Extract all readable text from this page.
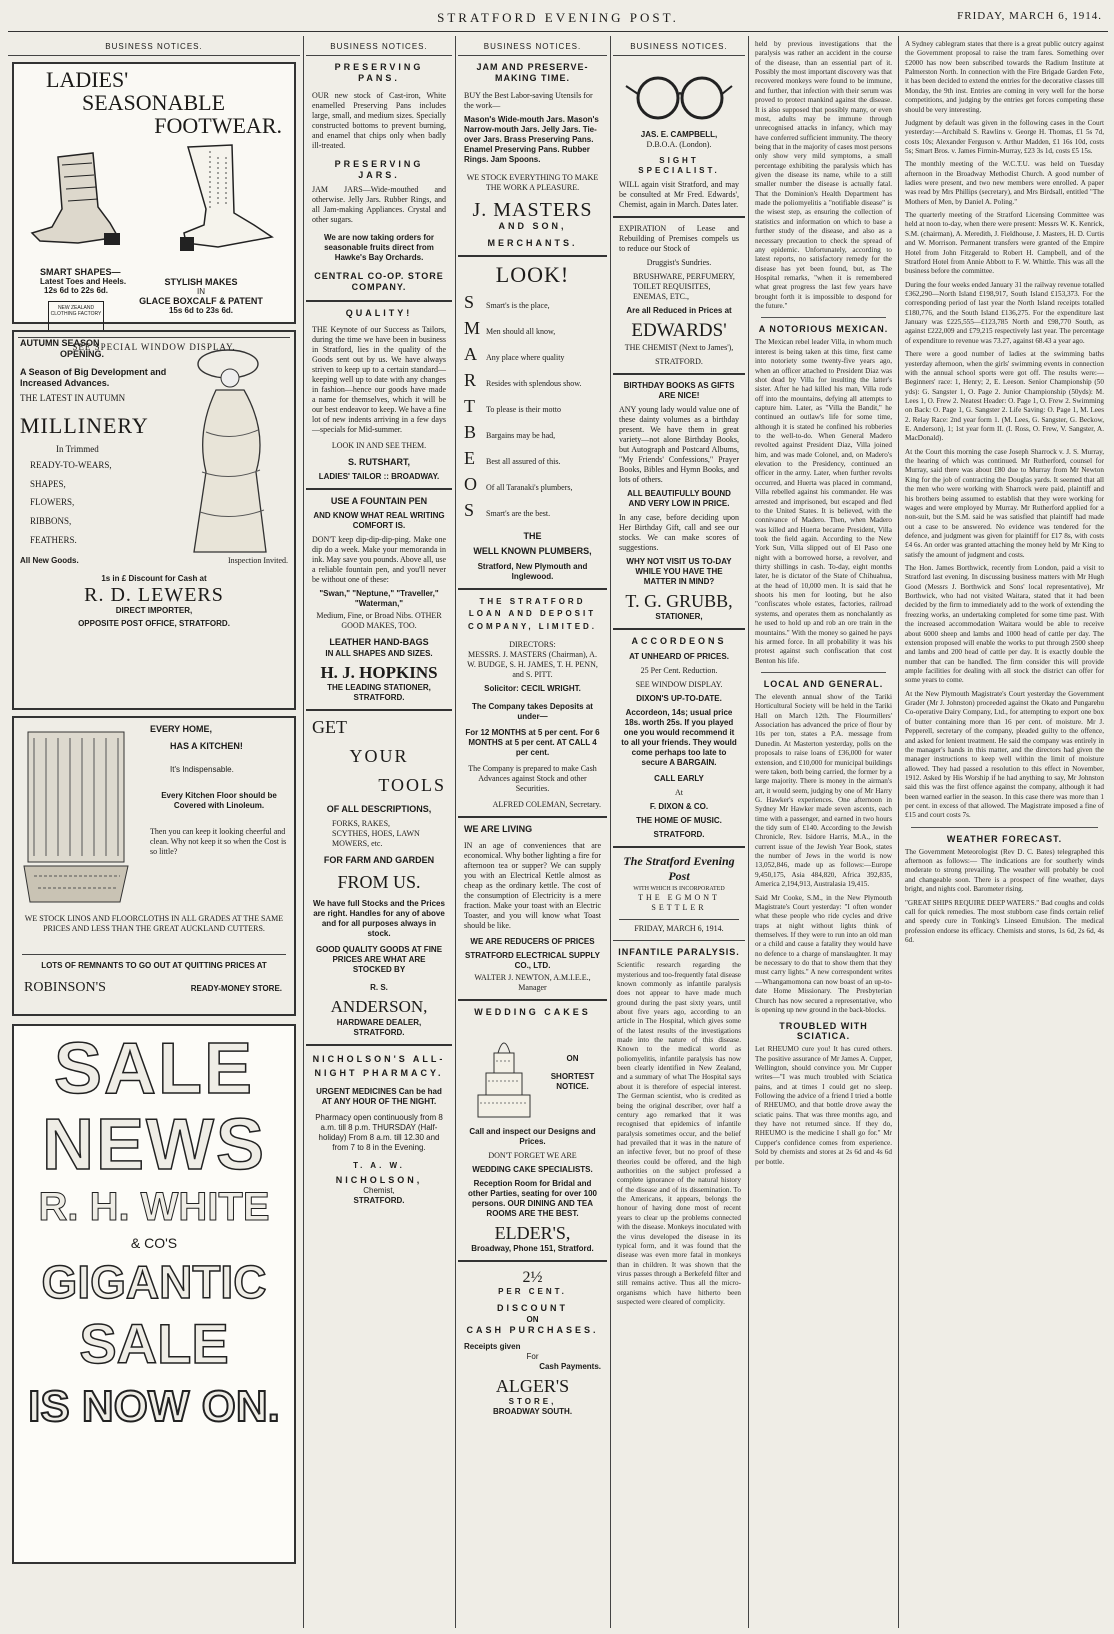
STRATFORD EVENING POST.	FRIDAY, MARCH 6, 1914.
BUSINESS NOTICES.
LADIES'
SEASONABLE
FOOTWEAR.
SMART SHAPES—
Latest Toes and Heels.
12s 6d to 22s 6d.
NEW ZEALAND CLOTHING FACTORY
STYLISH MAKES
IN
GLACE BOXCALF & PATENT
15s 6d to 23s 6d.
SEE SPECIAL WINDOW DISPLAY.
AUTUMN SEASON
OPENING.
A Season of Big Development and Increased Advances.
THE LATEST IN AUTUMN
MILLINERY
In Trimmed
READY-TO-WEARS,
SHAPES,
FLOWERS,
RIBBONS,
FEATHERS.
All New Goods.	Inspection Invited.
1s in £ Discount for Cash at
R. D. LEWERS
DIRECT IMPORTER,
OPPOSITE POST OFFICE, STRATFORD.
EVERY HOME,
HAS A KITCHEN!
It's Indispensable.
Every Kitchen Floor should be Covered with Linoleum.
Then you can keep it looking cheerful and clean. Why not keep it so when the Cost is so little?
WE STOCK LINOS AND FLOORCLOTHS IN ALL GRADES AT THE SAME PRICES AND LESS THAN THE GREAT AUCKLAND CUTTERS.
LOTS OF REMNANTS TO GO OUT AT QUITTING PRICES AT
ROBINSON'S	READY-MONEY STORE.
SALE
NEWS
R. H. WHITE
& CO'S
GIGANTIC
SALE
IS NOW ON.
BUSINESS NOTICES.
PRESERVING PANS.
OUR new stock of Cast-iron, White enamelled Preserving Pans includes large, small, and medium sizes. Specially constructed bottoms to prevent burning, and enamel that chips only when badly ill-treated.
PRESERVING JARS.
JAM JARS—Wide-mouthed and otherwise. Jelly Jars. Rubber Rings, and all Jam-making Appliances. Crystal and other sugars.
We are now taking orders for seasonable fruits direct from Hawke's Bay Orchards.
CENTRAL CO-OP. STORE COMPANY.
QUALITY!
THE Keynote of our Success as Tailors, during the time we have been in business in Stratford, lies in the quality of the Goods sent out by us. We have always striven to keep up to a certain standard—keeping well up to date with any changes in fashion—hence our goods have made a name for themselves, which it will be our best endeavor to keep. We have a fine lot of new indents arriving in a few days—specials for Mid-summer.
LOOK IN AND SEE THEM.
S. RUTSHART,
LADIES' TAILOR :: BROADWAY.
USE A FOUNTAIN PEN
AND KNOW WHAT REAL WRITING COMFORT IS.
DON'T keep dip-dip-dip-ping. Make one dip do a week. Make your memoranda in ink. May save you pounds. Above all, use a reliable fountain pen, and you'll never be without one of these:
"Swan," "Neptune," "Traveller," "Waterman,"
Medium, Fine, or Broad Nibs. OTHER GOOD MAKES, TOO.
LEATHER HAND-BAGS
IN ALL SHAPES AND SIZES.
H. J. HOPKINS
THE LEADING STATIONER,
STRATFORD.
GET
YOUR
TOOLS
OF ALL DESCRIPTIONS,
FORKS, RAKES, SCYTHES, HOES, LAWN MOWERS, etc.
FOR FARM AND GARDEN
FROM US.
We have full Stocks and the Prices are right. Handles for any of above and for all purposes always in stock.
GOOD QUALITY GOODS AT FINE PRICES ARE WHAT ARE STOCKED BY
R. S.
ANDERSON,
HARDWARE DEALER,
STRATFORD.
NICHOLSON'S ALL-NIGHT PHARMACY.
URGENT MEDICINES Can be had AT ANY HOUR OF THE NIGHT.
Pharmacy open continuously from 8 a.m. till 8 p.m. THURSDAY (Half-holiday) From 8 a.m. till 12.30 and from 7 to 8 in the Evening.
T. A. W.
NICHOLSON,
Chemist,
STRATFORD.
BUSINESS NOTICES.
JAM AND PRESERVE-MAKING TIME.
BUY the Best Labor-saving Utensils for the work—
Mason's Wide-mouth Jars. Mason's Narrow-mouth Jars. Jelly Jars. Tie-over Jars. Brass Preserving Pans. Enamel Preserving Pans. Rubber Rings. Jam Spoons.
WE STOCK EVERYTHING TO MAKE THE WORK A PLEASURE.
J. MASTERS
AND SON,
MERCHANTS.
LOOK!
S Smart's is the place,
M Men should all know,
A Any place where quality
R Resides with splendous show.
T To please is their motto
B Bargains may be had,
E Best all assured of this.
O Of all Taranaki's plumbers,
S Smart's are the best.
THE
WELL KNOWN PLUMBERS,
Stratford, New Plymouth and Inglewood.
THE STRATFORD LOAN AND DEPOSIT COMPANY, LIMITED.
DIRECTORS:
MESSRS. J. MASTERS (Chairman), A. W. BUDGE, S. H. JAMES, T. H. PENN, and S. PITT.
Solicitor: CECIL WRIGHT.
The Company takes Deposits at under—
For 12 MONTHS at 5 per cent. For 6 MONTHS at 5 per cent. AT CALL 4 per cent.
The Company is prepared to make Cash Advances against Stock and other Securities.
ALFRED COLEMAN, Secretary.
WE ARE LIVING
IN an age of conveniences that are economical. Why bother lighting a fire for afternoon tea or supper? We can supply you with an Electrical Kettle almost as cheap as the ordinary kettle. The cost of the consumption of Electricity is a mere fraction. Make your toast with an Electric Toaster, and you will know what Toast should be like.
WE ARE REDUCERS OF PRICES
STRATFORD ELECTRICAL SUPPLY CO., LTD.
WALTER J. NEWTON, A.M.I.E.E., Manager
WEDDING CAKES
ON
SHORTEST NOTICE.
Call and inspect our Designs and Prices.
DON'T FORGET WE ARE
WEDDING CAKE SPECIALISTS.
Reception Room for Bridal and other Parties, seating for over 100 persons. OUR DINING AND TEA ROOMS ARE THE BEST.
ELDER'S,
Broadway, Phone 151, Stratford.
2½
PER CENT.
DISCOUNT
ON
CASH PURCHASES.
Receipts given
For
Cash Payments.
ALGER'S
STORE,
BROADWAY SOUTH.
BUSINESS NOTICES.
JAS. E. CAMPBELL,
D.B.O.A. (London).
SIGHT SPECIALIST.
WILL again visit Stratford, and may be consulted at Mr Fred. Edwards', Chemist, again in March. Dates later.
EXPIRATION of Lease and Rebuilding of Premises compels us to reduce our Stock of
Druggist's Sundries.
BRUSHWARE, PERFUMERY, TOILET REQUISITES, ENEMAS, ETC.,
Are all Reduced in Prices at
EDWARDS'
THE CHEMIST (Next to James'),
STRATFORD.
BIRTHDAY BOOKS AS GIFTS ARE NICE!
ANY young lady would value one of these dainty volumes as a birthday present. We have them in great variety—not alone Birthday Books, but Autograph and Postcard Albums, "My Friends' Confessions," Prayer Books, Bibles and Hymn Books, and lots of others.
ALL BEAUTIFULLY BOUND AND VERY LOW IN PRICE.
In any case, before deciding upon Her Birthday Gift, call and see our stocks. We can make scores of suggestions.
WHY NOT VISIT US TO-DAY WHILE YOU HAVE THE MATTER IN MIND?
T. G. GRUBB,
STATIONER,
ACCORDEONS
AT UNHEARD OF PRICES.
25 Per Cent. Reduction.
SEE WINDOW DISPLAY.
DIXON'S UP-TO-DATE.
Accordeon, 14s; usual price 18s. worth 25s. If you played one you would recommend it to all your friends. They would come perhaps too late to secure A BARGAIN.
CALL EARLY
At
F. DIXON & CO.
THE HOME OF MUSIC.
STRATFORD.
The Stratford Evening Post
WITH WHICH IS INCORPORATED
THE EGMONT SETTLER
FRIDAY, MARCH 6, 1914.
INFANTILE PARALYSIS.

Scientific research regarding the mysterious and too-frequently fatal disease known commonly as infantile paralysis does not appear to have made much ground during the past sixty years, until about five years ago, according to an article in The Hospital, which gives some of the latest results of the investigations made into the nature of this disease. Known to the medical world as poliomyelitis, infantile paralysis has now been clearly identified in New Zealand, and a summary of what The Hospital says about it is therefore of especial interest. The German scientist, who is credited as being the original describer, over half a century ago remarked that it was recognised that epidemics of infantile paralysis sometimes occur, and the belief had prevailed that it was in the nature of an infective fever, but no proof of these theories could be offered, and the high authorities on the subject professed a complete ignorance of the natural history of the disease and of its dissemination. To the Americans, it appears, belongs the honour of having done most of recent years to clear up the problems connected with the disease. Monkeys inoculated with the virus developed the disease in its typical form, and it was found that the disease was even more fatal in monkeys than in children. It was shown that the virus passes through a Berkefeld filter and still remains active. Thus all the micro-organisms which have hitherto been suspected were cleared of complicity.

held by previous investigations that the paralysis was rather an accident in the course of the disease, than an essential part of it. Possibly the most important discovery was that recovered monkeys were found to be immune, and further, that infection with their serum was proved to protect mankind against the disease. It is also supposed that possibly many, or even most, adults may be immune through unrecognised attacks in infancy, which may have conferred sufficient immunity. The theory being that in the majority of cases most persons only show very mild symptoms, a small percentage exhibiting the paralysis which has given the disease its name, while to a still smaller number the disease is actually fatal. That the Dominion's Health Department has made the poliomyelitis a "notifiable disease" is the wisest step, as ensuring the collection of statistics and information on which to base a further study of the disease, and also as a necessary precaution to check the spread of any epidemic. Unfortunately, according to latest reports, no satisfactory remedy for the disease has yet been found, but, as The Hospital remarks, "when it is remembered what great progress the last few years have brought forth it is impossible to despond for the future."

A NOTORIOUS MEXICAN.

The Mexican rebel leader Villa, in whom much interest is being taken at this time, first came into notoriety some twenty-five years ago, when an officer attached to President Diaz was shot dead by Villa for insulting the latter's sister. After he had killed his man, Villa rode off into the mountains, defying all attempts to capture him. Later, as "Villa the Bandit," he continued an outlaw's life for some time, although it is stated he confined his robberies to the well-to-do. When General Madero revolted against President Diaz, Villa joined him, and was made Colonel, and, on Madero's elevation to the Presidency, continued an officer in the army. Later, when further revolts occurred, and Huerta was placed in command, Villa rebelled against his commander. He was arrested and imprisoned, but escaped and fled to the United States. It is believed, with the connivance of Madero. Then, when Madero was killed and Huerta became President, Villa took the field again. According to the New York Sun, Villa slipped out of El Paso one night with a borrowed horse, a revolver, and thirty shillings in cash. To-day, eight months later, he is dictator of the State of Chihuahua, at the head of 10,000 men. It is said that he shoots his men for looting, but he also "confiscates whole estates, factories, railroad systems, and operates them as nonchalantly as he used to hold up and rob an ore train in the mountains." With the money so gained he pays his armed force. In all probability it was his protest against such confiscation that cost Benton his life.

LOCAL AND GENERAL.

The eleventh annual show of the Tariki Horticultural Society will be held in the Tariki Hall on March 12th. The Flourmillers' Association has advanced the price of flour by 10s per ton, states a P.A. message from Dunedin. At Masterton yesterday, polls on the proposals to raise loans of £36,000 for water extension, and £10,000 for municipal buildings were taken, both being carried, the former by a large majority. There is money in the airman's art, it would seem, judging by one of Mr Harry G. Hawker's experiences. One afternoon in Sydney Mr Hawker made seven ascents, each time with a passenger, and earned in two hours the tidy sum of £140. According to the Jewish Chronicle, Rev. Isidore Harris, M.A., in the current issue of the Jewish Year Book, states the number of Jews in the world is now 13,052,846, made up as follows:—Europe 9,450,175, Asia 484,820, Africa 392,835, America 2,194,913, Australasia 19,415.

Said Mr Cooke, S.M., in the New Plymouth Magistrate's Court yesterday: "I often wonder what these people who ride cycles and drive traps at night without lights think of themselves. If they were to run into an old man or a child and cause a fatality they would have no defence to a charge of manslaughter. It may be necessary to do that to show them that they must carry lights." A new correspondent writes—Whangamomona can now boast of an up-to-date Home Missionary. The Presbyterian Church has now secured a representative, who is opening up new ground in the back-blocks.

TROUBLED WITH SCIATICA.

Let RHEUMO cure you! It has cured others. The positive assurance of Mr James A. Cupper, Wellington, should convince you. Mr Cupper writes—"I was much troubled with Sciatica pains, and at times I could get no sleep. Following the advice of a friend I tried a bottle of RHEUMO, and that bottle drove away the sciatic pains. That was three months ago, and they have not returned since. If they do, RHEUMO is the medicine I shall go for." Mr Cupper's confidence comes from experience. Sold by chemists and stores at 2s 6d and 4s 6d per bottle.

A Sydney cablegram states that there is a great public outcry against the Government proposal to raise the tram fares. Something over £2000 has now been subscribed towards the Radium Institute at Palmerston North. In connection with the Fire Brigade Garden Fete, it has been decided to extend the entries for the decorative classes till Monday, the 9th inst. Entries are coming in very well for the horse competitions, and judging by the entries get forces competing these should be very interesting.

Judgment by default was given in the following cases in the Court yesterday:—Archibald S. Rawlins v. George H. Thomas, £1 5s 7d, costs 10s; Alexander Ferguson v. Arthur Madden, £1 16s 10d, costs 5s; Smart Bros. v. James Firmin-Murray, £23 3s 1d, costs £5 15s.

The monthly meeting of the W.C.T.U. was held on Tuesday afternoon in the Broadway Methodist Church. A good number of ladies were present, and two new members were enrolled. A paper was read by Mrs Phillips (secretary), and Mrs Birdsall, entitled "The Mothers of Men, by Daniel A. Poling."

The quarterly meeting of the Stratford Licensing Committee was held at noon to-day, when there were present: Messrs W. K. Kenrick, S.M. (chairman), A. Meredith, J. Fieldhouse, J. Masters, H. D. Curtis and W. Morrison. Permanent transfers were granted of the Empire Hotel from John Fitzgerald to Robert H. Campbell, and of the Stratford Hotel from Annie Abbott to F. W. Whittle. This was all the business before the committee.

During the four weeks ended January 31 the railway revenue totalled £362,290—North Island £198,917, South Island £153,373. For the corresponding period of last year the North Island receipts totalled £180,776, and the South Island £136,275. For the expenditure last January was £225,555—£123,785 North and £98,770 South, as against £222,009 and £79,215 respectively last year. The percentage of expenditure to revenue was 73.27, against 68.43 a year ago.

There were a good number of ladies at the swimming baths yesterday afternoon, when the girls' swimming events in connection with the annual school sports were got off. The results were:—Beginners' race: 1, Henry; 2, E. Leeson. Senior Championship (50 yds): G. Sangster 1, O. Page 2. Junior Championship (50yds): M. Lees 1, O. Frew 2. Neatest Header: O. Page 1, O. Frew 2. Swimming on Back: O. Page 1, G. Sangster 2. Life Saving: O. Page 1, M. Lees 2. Relay Race: 2nd year form 1. (M. Lees, G. Sangster, G. Beckow, E. Anderson), 1; 1st year form II. (I. Ross, O. Frew, V. Sangster, A. MacDonald).

At the Court this morning the case Joseph Sharrock v. J. S. Murray, the hearing of which was continued. Mr Rutherford, counsel for Murray, said there was about £80 due to Murray from Mr Newton King for the job of contracting the Douglas yards. It seemed that all the men who were working with Sharrock were paid, plaintiff and his brothers being assumed to establish that they were working for wages and were employed by Murray. Mr Rutherford applied for a non-suit, but the S.M. said he was satisfied that plaintiff had made out a case to be answered. No evidence was tendered for the defence, and judgment was given for plaintiff for £17 8s, with costs £4 6s. An order was granted attaching the money held by Mr King to satisfy the amount of judgment and costs.

The Hon. James Borthwick, recently from London, paid a visit to Stratford last evening. In discussing business matters with Mr Hugh Good (Messrs J. Borthwick and Sons' local representative), Mr Borthwick, who had not visited Waitara, stated that it had been decided by the firm to immediately add to the work of extending the freezing works, an undertaking completed for some time past. With the increased accommodation Waitara would be able to receive about 6000 sheep and lambs and 1000 head of cattle per day. The extension proposed will enable the works to put through 2500 sheep and lambs and 200 head of cattle per day. It is exactly double the number that can be handled. The firm consider this will provide ample facilities for dealing with all stock the district can offer for some years to come.

At the New Plymouth Magistrate's Court yesterday the Government Grader (Mr J. Johnston) proceeded against the Okato and Pungarehu Co-operative Dairy Company, Ltd., for attempting to export one box of butter containing more than 16 per cent. of moisture. Mr J. Pepperell, secretary of the company, pleaded guilty to the offence, and asked for lenient treatment. He said the company was entirely in the manager's hands in this matter, and the directors had given the manager instructions to keep well within the limit of moisture allowed. They had passed a resolution to this effect in November, 1912. Asked by His Worship if he had anything to say, Mr Johnston said this was the first offence against the company, although it had been warned earlier in the season. In this case there was more than 1 per cent. in excess of that allowed. The Magistrate imposed a fine of £15 and court costs 7s.

WEATHER FORECAST.

The Government Meteorologist (Rev D. C. Bates) telegraphed this afternoon as follows:— The indications are for southerly winds moderate to strong prevailing. The weather will probably be cool and changeable soon. There is a prospect of fine weather, days bright, and nights cool. Barometer rising.

"GREAT SHIPS REQUIRE DEEP WATERS." Bad coughs and colds call for quick remedies. The most stubborn case finds certain relief and speedy cure in Tonking's Linseed Emulsion. The medical profession endorse its efficacy. Chemists and stores, 1s 6d, 2s 6d, 4s 6d.
